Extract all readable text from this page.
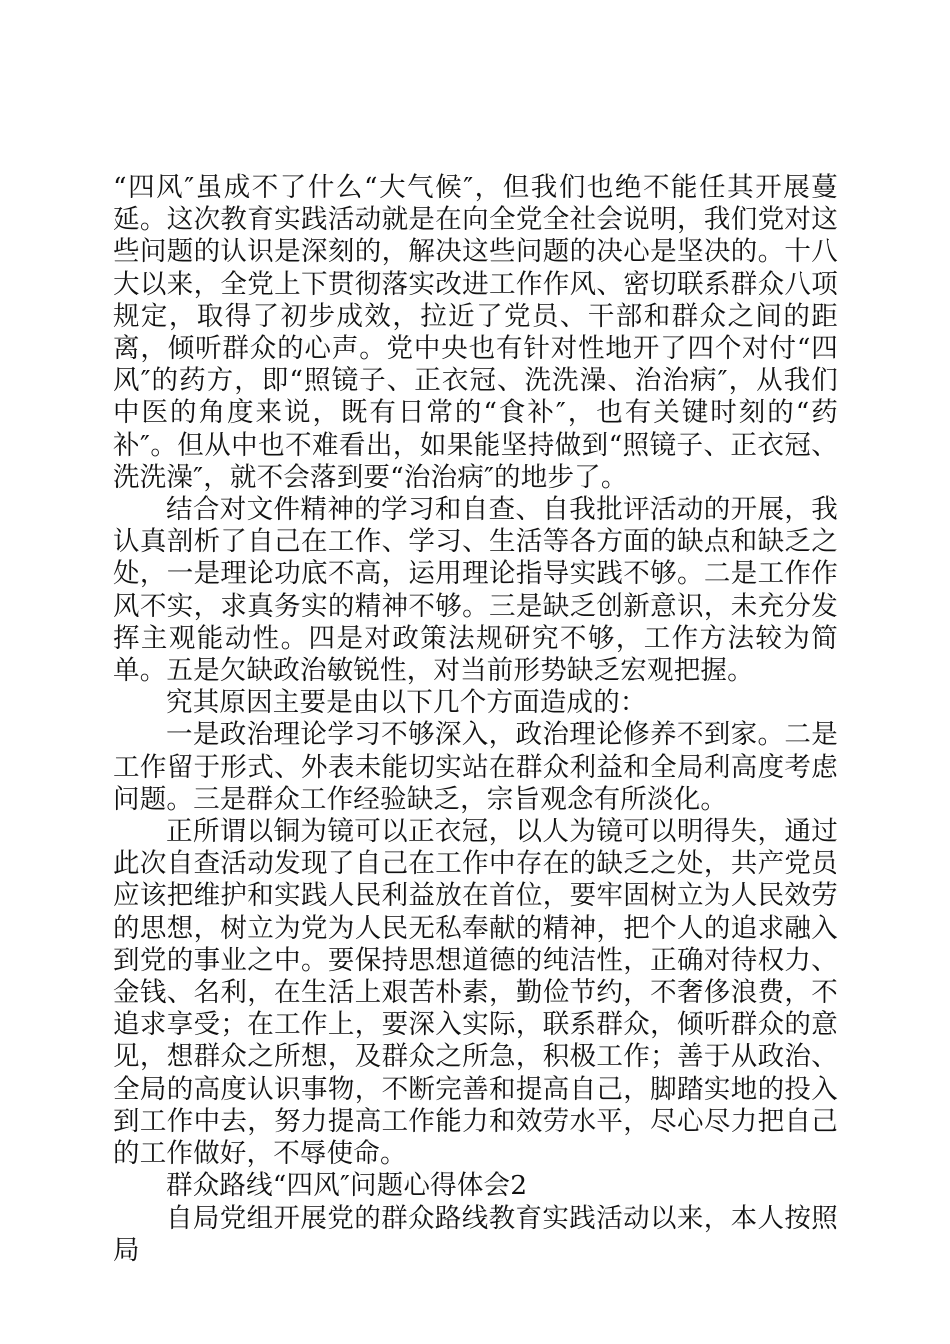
“四风″虽成不了什么“大气候″，但我们也绝不能任其开展蔓延。这次教育实践活动就是在向全党全社会说明，我们党对这些问题的认识是深刻的，解决这些问题的决心是坚决的。十八大以来，全党上下贯彻落实改进工作作风、密切联系群众八项规定，取得了初步成效，拉近了党员、干部和群众之间的距离，倾听群众的心声。党中央也有针对性地开了四个对付“四风″的药方，即“照镜子、正衣冠、洗洗澡、治治病″，从我们中医的角度来说，既有日常的“食补″，也有关键时刻的“药补″。但从中也不难看出，如果能坚持做到“照镜子、正衣冠、洗洗澡″，就不会落到要“治治病″的地步了。

结合对文件精神的学习和自查、自我批评活动的开展，我认真剖析了自己在工作、学习、生活等各方面的缺点和缺乏之处，一是理论功底不高，运用理论指导实践不够。二是工作作风不实，求真务实的精神不够。三是缺乏创新意识，未充分发挥主观能动性。四是对政策法规研究不够，工作方法较为简单。五是欠缺政治敏锐性，对当前形势缺乏宏观把握。

究其原因主要是由以下几个方面造成的：

一是政治理论学习不够深入，政治理论修养不到家。二是工作留于形式、外表未能切实站在群众利益和全局利高度考虑问题。三是群众工作经验缺乏，宗旨观念有所淡化。

正所谓以铜为镜可以正衣冠，以人为镜可以明得失，通过此次自查活动发现了自己在工作中存在的缺乏之处，共产党员应该把维护和实践人民利益放在首位，要牢固树立为人民效劳的思想，树立为党为人民无私奉献的精神，把个人的追求融入到党的事业之中。要保持思想道德的纯洁性，正确对待权力、金钱、名利，在生活上艰苦朴素，勤俭节约，不奢侈浪费，不追求享受；在工作上，要深入实际，联系群众，倾听群众的意见，想群众之所想，及群众之所急，积极工作；善于从政治、全局的高度认识事物，不断完善和提高自己，脚踏实地的投入到工作中去，努力提高工作能力和效劳水平，尽心尽力把自己的工作做好，不辱使命。

群众路线“四风″问题心得体会2

自局党组开展党的群众路线教育实践活动以来，本人按照局
